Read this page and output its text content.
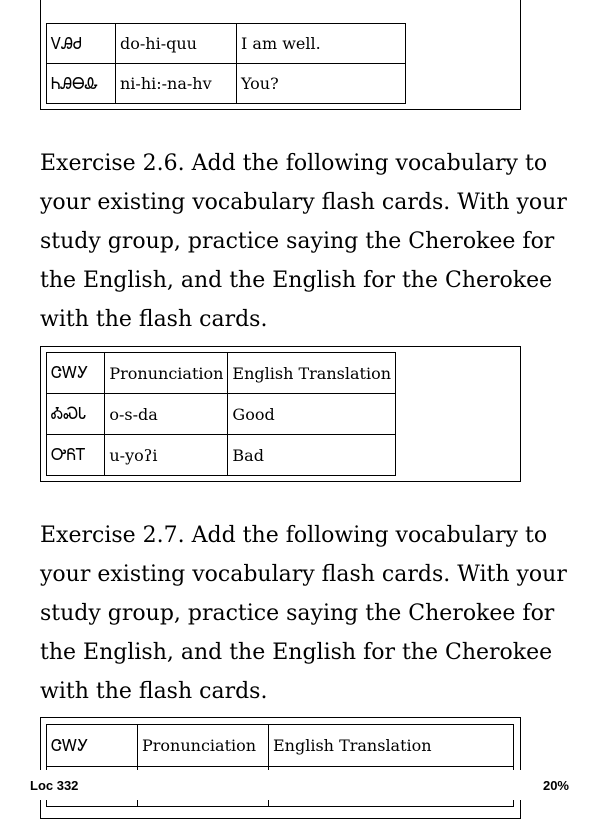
ᏙᎯᏧ	do-hi-quu	I am well.
ᏂᎯᎾᎲ	ni-hi:-na-hv	You?

Exercise 2.6. Add the following vocabulary to your existing vocabulary flash cards. With your study group, practice saying the Cherokee for the English, and the English for the Cherokee with the flash cards.

ᏣᎳᎩ	Pronunciation	English Translation
ᎣᏍᏓ	o-s-da	Good
ᎤᏲᎢ	u-yoʔi	Bad

Exercise 2.7. Add the following vocabulary to your existing vocabulary flash cards. With your study group, practice saying the Cherokee for the English, and the English for the Cherokee with the flash cards.

ᏣᎳᎩ	Pronunciation	English Translation

Loc 332	20%
